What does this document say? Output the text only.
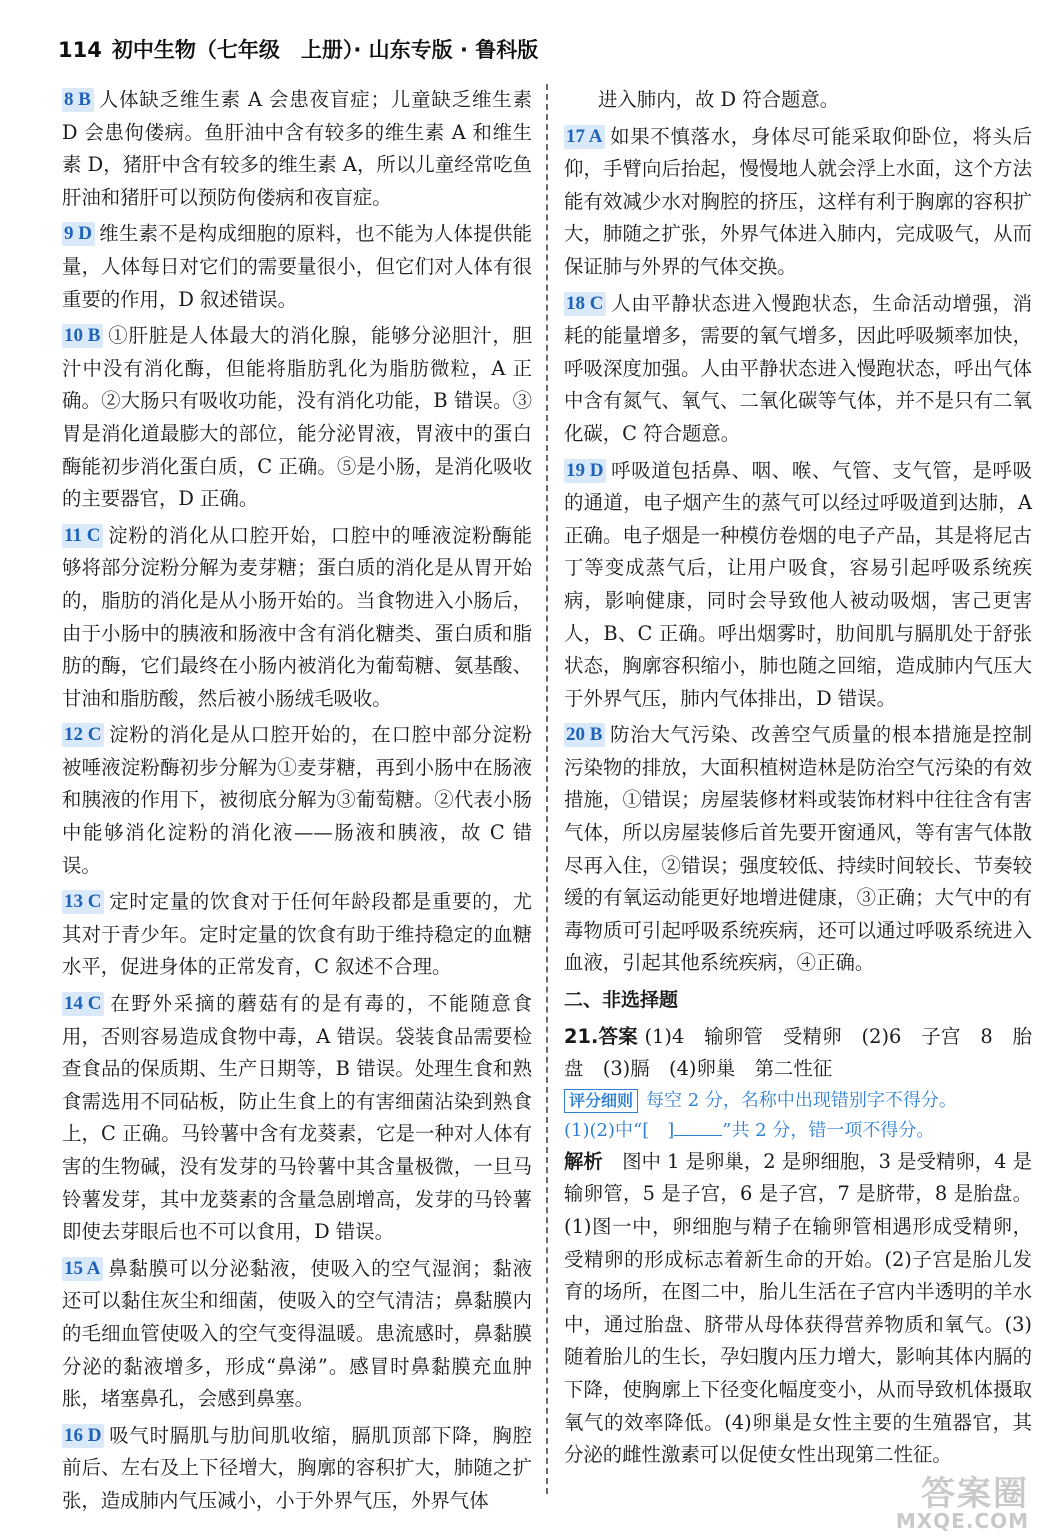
114 初中生物（七年级　上册）· 山东专版 · 鲁科版

8 B 人体缺乏维生素 A 会患夜盲症；儿童缺乏维生素 D 会患佝偻病。鱼肝油中含有较多的维生素 A 和维生素 D，猪肝中含有较多的维生素 A，所以儿童经常吃鱼肝油和猪肝可以预防佝偻病和夜盲症。

9 D 维生素不是构成细胞的原料，也不能为人体提供能量，人体每日对它们的需要量很小，但它们对人体有很重要的作用，D 叙述错误。

10 B ①肝脏是人体最大的消化腺，能够分泌胆汁，胆汁中没有消化酶，但能将脂肪乳化为脂肪微粒，A 正确。②大肠只有吸收功能，没有消化功能，B 错误。③胃是消化道最膨大的部位，能分泌胃液，胃液中的蛋白酶能初步消化蛋白质，C 正确。⑤是小肠，是消化吸收的主要器官，D 正确。

11 C 淀粉的消化从口腔开始，口腔中的唾液淀粉酶能够将部分淀粉分解为麦芽糖；蛋白质的消化是从胃开始的，脂肪的消化是从小肠开始的。当食物进入小肠后，由于小肠中的胰液和肠液中含有消化糖类、蛋白质和脂肪的酶，它们最终在小肠内被消化为葡萄糖、氨基酸、甘油和脂肪酸，然后被小肠绒毛吸收。

12 C 淀粉的消化是从口腔开始的，在口腔中部分淀粉被唾液淀粉酶初步分解为①麦芽糖，再到小肠中在肠液和胰液的作用下，被彻底分解为③葡萄糖。②代表小肠中能够消化淀粉的消化液——肠液和胰液，故 C 错误。

13 C 定时定量的饮食对于任何年龄段都是重要的，尤其对于青少年。定时定量的饮食有助于维持稳定的血糖水平，促进身体的正常发育，C 叙述不合理。

14 C 在野外采摘的蘑菇有的是有毒的，不能随意食用，否则容易造成食物中毒，A 错误。袋装食品需要检查食品的保质期、生产日期等，B 错误。处理生食和熟食需选用不同砧板，防止生食上的有害细菌沾染到熟食上，C 正确。马铃薯中含有龙葵素，它是一种对人体有害的生物碱，没有发芽的马铃薯中其含量极微，一旦马铃薯发芽，其中龙葵素的含量急剧增高，发芽的马铃薯即使去芽眼后也不可以食用，D 错误。

15 A 鼻黏膜可以分泌黏液，使吸入的空气湿润；黏液还可以黏住灰尘和细菌，使吸入的空气清洁；鼻黏膜内的毛细血管使吸入的空气变得温暖。患流感时，鼻黏膜分泌的黏液增多，形成“鼻涕”。感冒时鼻黏膜充血肿胀，堵塞鼻孔，会感到鼻塞。

16 D 吸气时膈肌与肋间肌收缩，膈肌顶部下降，胸腔前后、左右及上下径增大，胸廓的容积扩大，肺随之扩张，造成肺内气压减小，小于外界气压，外界气体

进入肺内，故 D 符合题意。

17 A 如果不慎落水，身体尽可能采取仰卧位，将头后仰，手臂向后抬起，慢慢地人就会浮上水面，这个方法能有效减少水对胸腔的挤压，这样有利于胸廓的容积扩大，肺随之扩张，外界气体进入肺内，完成吸气，从而保证肺与外界的气体交换。

18 C 人由平静状态进入慢跑状态，生命活动增强，消耗的能量增多，需要的氧气增多，因此呼吸频率加快，呼吸深度加强。人由平静状态进入慢跑状态，呼出气体中含有氮气、氧气、二氧化碳等气体，并不是只有二氧化碳，C 符合题意。

19 D 呼吸道包括鼻、咽、喉、气管、支气管，是呼吸的通道，电子烟产生的蒸气可以经过呼吸道到达肺，A 正确。电子烟是一种模仿卷烟的电子产品，其是将尼古丁等变成蒸气后，让用户吸食，容易引起呼吸系统疾病，影响健康，同时会导致他人被动吸烟，害己更害人，B、C 正确。呼出烟雾时，肋间肌与膈肌处于舒张状态，胸廓容积缩小，肺也随之回缩，造成肺内气压大于外界气压，肺内气体排出，D 错误。

20 B 防治大气污染、改善空气质量的根本措施是控制污染物的排放，大面积植树造林是防治空气污染的有效措施，①错误；房屋装修材料或装饰材料中往往含有害气体，所以房屋装修后首先要开窗通风，等有害气体散尽再入住，②错误；强度较低、持续时间较长、节奏较缓的有氧运动能更好地增进健康，③正确；大气中的有毒物质可引起呼吸系统疾病，还可以通过呼吸系统进入血液，引起其他系统疾病，④正确。

二、非选择题

21.答案 (1)4　输卵管　受精卵　(2)6　子宫　8　胎盘　(3)膈　(4)卵巢　第二性征

评分细则 每空 2 分，名称中出现错别字不得分。
(1)(2)中“[　]	”共 2 分，错一项不得分。

解析　 图中 1 是卵巢，2 是卵细胞，3 是受精卵，4 是输卵管，5 是子宫，6 是子宫，7 是脐带，8 是胎盘。(1)图一中，卵细胞与精子在输卵管相遇形成受精卵，受精卵的形成标志着新生命的开始。(2)子宫是胎儿发育的场所，在图二中，胎儿生活在子宫内半透明的羊水中，通过胎盘、脐带从母体获得营养物质和氧气。(3)随着胎儿的生长，孕妇腹内压力增大，影响其体内膈的下降，使胸廓上下径变化幅度变小，从而导致机体摄取氧气的效率降低。(4)卵巢是女性主要的生殖器官，其分泌的雌性激素可以促使女性出现第二性征。

答案圈
MXQE.COM
